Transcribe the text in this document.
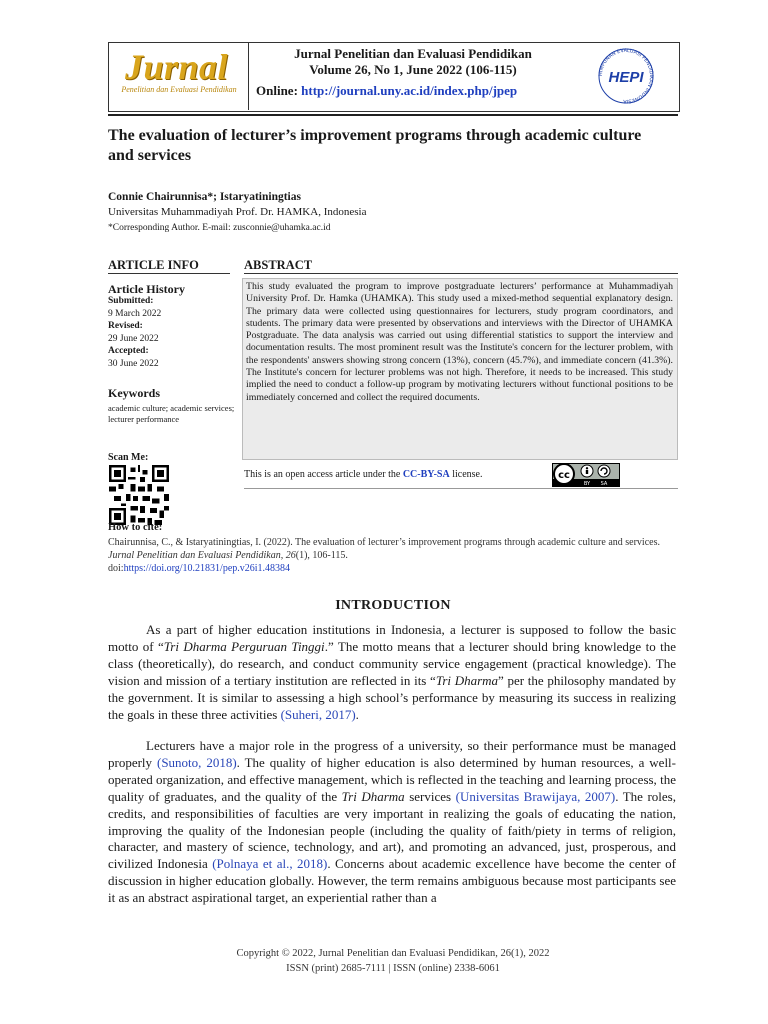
Jurnal
Penelitian dan Evaluasi Pendidikan
Jurnal Penelitian dan Evaluasi Pendidikan
Volume 26, No 1, June 2022 (106-115)
Online: http://journal.uny.ac.id/index.php/jpep
HIMPUNAN EVALUASI PENDIDIKAN INDONESIA
HEPI
The evaluation of lecturer’s improvement programs through academic culture and services
Connie Chairunnisa*; Istaryatiningtias
Universitas Muhammadiyah Prof. Dr. HAMKA, Indonesia
*Corresponding Author. E-mail: zusconnie@uhamka.ac.id
ARTICLE INFO	ABSTRACT
Article History
Submitted:
9 March 2022
Revised:
29 June 2022
Accepted:
30 June 2022
Keywords
academic culture; academic services; lecturer performance
Scan Me:
How to cite:
This study evaluated the program to improve postgraduate lecturers’ performance at Muhammadiyah University Prof. Dr. Hamka (UHAMKA). This study used a mixed-method sequential explanatory design. The primary data were collected using questionnaires for lecturers, study program coordinators, and students. The primary data were presented by observations and interviews with the Director of UHAMKA Postgraduate. The data analysis was carried out using differential statistics to support the interview and documentation results. The most prominent result was the Institute's concern for the lecturer problem, with the respondents' answers showing strong concern (13%), concern (45.7%), and immediate concern (41.3%). The Institute's concern for lecturer problems was not high. Therefore, it needs to be increased. This study implied the need to conduct a follow-up program by motivating lecturers without functional positions to be immediately concerned and collect the required documents.
This is an open access article under the CC-BY-SA license.	cc
BY SA
Chairunnisa, C., & Istaryatiningtias, I. (2022). The evaluation of lecturer’s improvement programs through academic culture and services. Jurnal Penelitian dan Evaluasi Pendidikan, 26(1), 106-115.
doi:https://doi.org/10.21831/pep.v26i1.48384
INTRODUCTION
As a part of higher education institutions in Indonesia, a lecturer is supposed to follow the basic motto of “Tri Dharma Perguruan Tinggi.” The motto means that a lecturer should bring knowledge to the class (theoretically), do research, and conduct community service engagement (practical knowledge). The vision and mission of a tertiary institution are reflected in its “Tri Dharma” per the philosophy mandated by the government. It is similar to assessing a high school’s performance by measuring its success in realizing the goals in these three activities (Suheri, 2017).
Lecturers have a major role in the progress of a university, so their performance must be managed properly (Sunoto, 2018). The quality of higher education is also determined by human resources, a well-operated organization, and effective management, which is reflected in the teaching and learning process, the quality of graduates, and the quality of the Tri Dharma services (Universitas Brawijaya, 2007). The roles, credits, and responsibilities of faculties are very important in realizing the goals of educating the nation, improving the quality of the Indonesian people (including the quality of faith/piety in terms of religion, character, and mastery of science, technology, and art), and promoting an advanced, just, prosperous, and civilized Indonesia (Polnaya et al., 2018). Concerns about academic excellence have become the center of discussion in higher education globally. However, the term remains ambiguous because most participants see it as an abstract aspirational target, an experiential rather than a
Copyright © 2022, Jurnal Penelitian dan Evaluasi Pendidikan, 26(1), 2022
ISSN (print) 2685-7111 | ISSN (online) 2338-6061
